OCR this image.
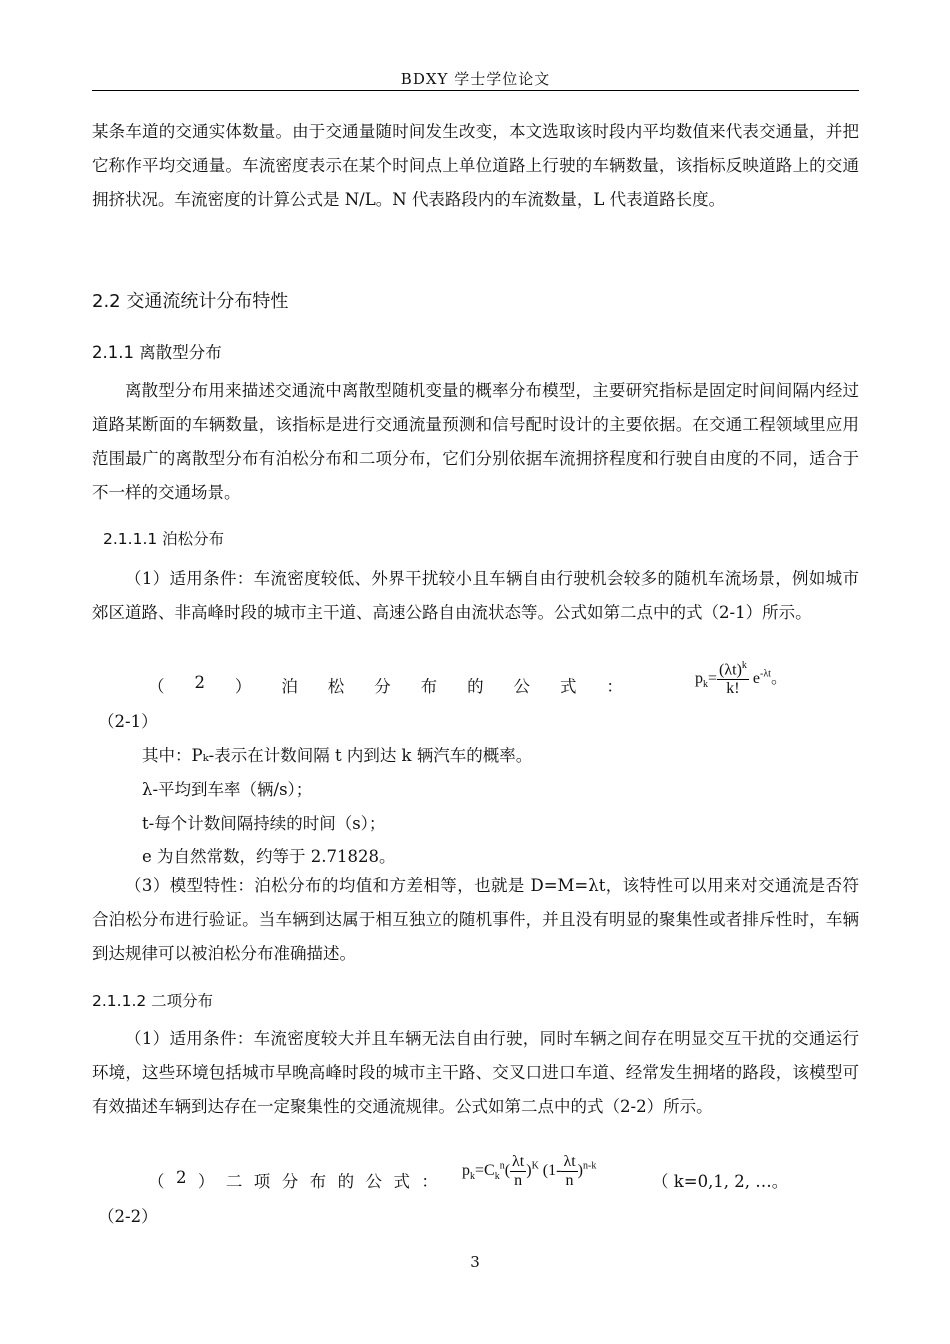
BDXY 学士学位论文
某条车道的交通实体数量。由于交通量随时间发生改变，本文选取该时段内平均数值来代表交通量，并把它称作平均交通量。车流密度表示在某个时间点上单位道路上行驶的车辆数量，该指标反映道路上的交通拥挤状况。车流密度的计算公式是 N/L。N 代表路段内的车流数量，L 代表道路长度。
2.2 交通流统计分布特性
2.1.1 离散型分布
离散型分布用来描述交通流中离散型随机变量的概率分布模型，主要研究指标是固定时间间隔内经过道路某断面的车辆数量，该指标是进行交通流量预测和信号配时设计的主要依据。在交通工程领域里应用范围最广的离散型分布有泊松分布和二项分布，它们分别依据车流拥挤程度和行驶自由度的不同，适合于不一样的交通场景。
2.1.1.1 泊松分布
（1）适用条件：车流密度较低、外界干扰较小且车辆自由行驶机会较多的随机车流场景，例如城市郊区道路、非高峰时段的城市主干道、高速公路自由流状态等。公式如第二点中的式（2-1）所示。
（ 2 ） 泊 松 分 布 的 公 式 ：	$p_k= \frac{(\lambda t)^k}{k!} e^{-\lambda t}$。
（2-1）
其中：Pₖ-表示在计数间隔 t 内到达 k 辆汽车的概率。
λ-平均到车率（辆/s）；
t-每个计数间隔持续的时间（s）；
e 为自然常数，约等于 2.71828。
（3）模型特性：泊松分布的均值和方差相等，也就是 D=M=λt，该特性可以用来对交通流是否符合泊松分布进行验证。当车辆到达属于相互独立的随机事件，并且没有明显的聚集性或者排斥性时，车辆到达规律可以被泊松分布准确描述。
2.1.1.2 二项分布
（1）适用条件：车流密度较大并且车辆无法自由行驶，同时车辆之间存在明显交互干扰的交通运行环境，这些环境包括城市早晚高峰时段的城市主干路、交叉口进口车道、经常发生拥堵的路段，该模型可有效描述车辆到达存在一定聚集性的交通流规律。公式如第二点中的式（2-2）所示。
（ 2 ） 二 项 分 布 的 公 式 ：
$p_k=C_k^n( \frac{\lambda t}{n} )^K$ $(1- \frac{\lambda t}{n} )^{n-k}$
（ k=0,1, 2, …。
（2-2）
3
